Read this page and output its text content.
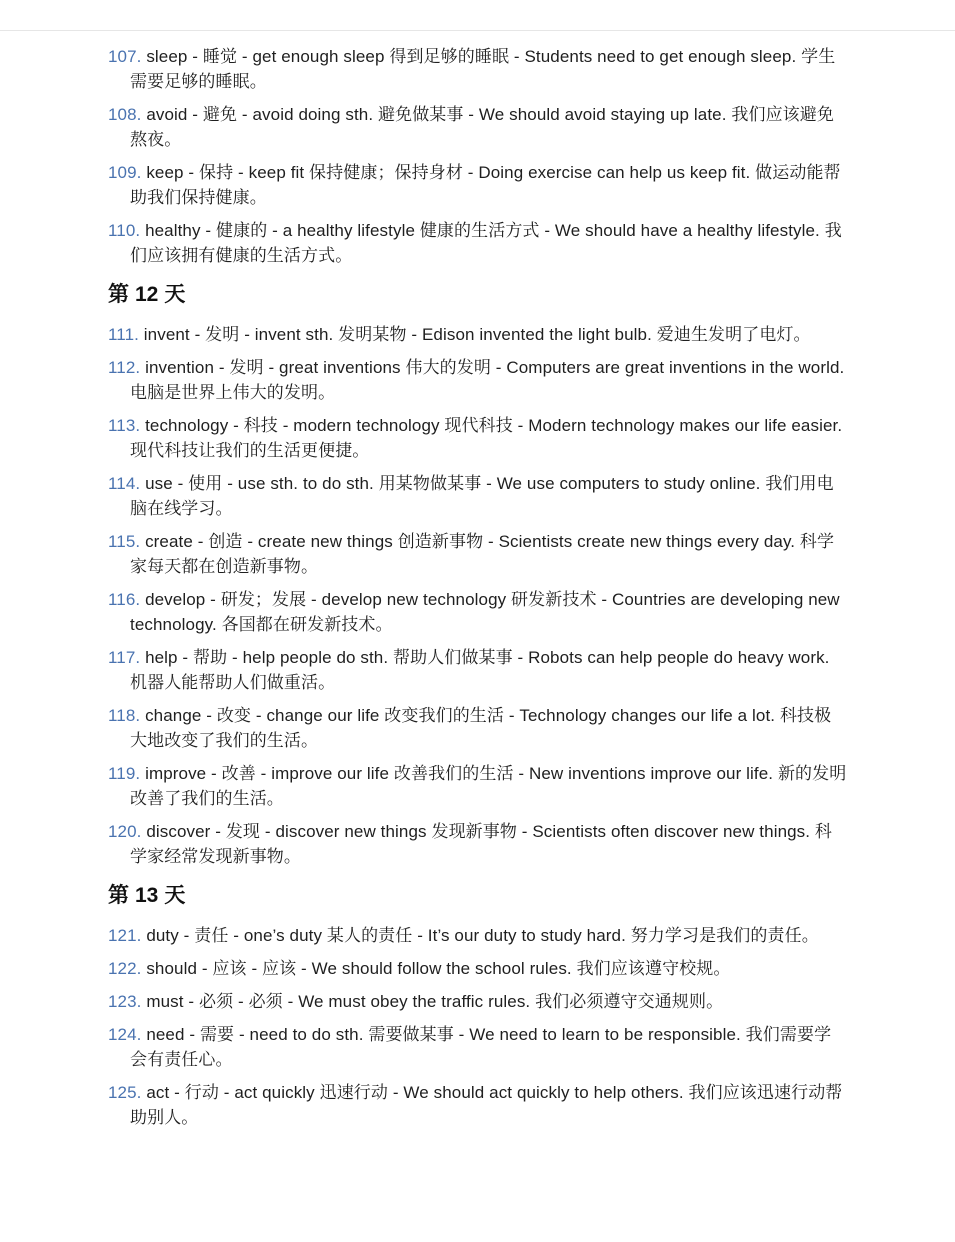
107. sleep - 睡觉 - get enough sleep 得到足够的睡眠 - Students need to get enough sleep. 学生需要足够的睡眠。

108. avoid - 避免 - avoid doing sth. 避免做某事 - We should avoid staying up late. 我们应该避免熬夜。

109. keep - 保持 - keep fit 保持健康；保持身材 - Doing exercise can help us keep fit. 做运动能帮助我们保持健康。

110. healthy - 健康的 - a healthy lifestyle 健康的生活方式 - We should have a healthy lifestyle. 我们应该拥有健康的生活方式。

第 12 天

111. invent - 发明 - invent sth. 发明某物 - Edison invented the light bulb. 爱迪生发明了电灯。

112. invention - 发明 - great inventions 伟大的发明 - Computers are great inventions in the world. 电脑是世界上伟大的发明。

113. technology - 科技 - modern technology 现代科技 - Modern technology makes our life easier. 现代科技让我们的生活更便捷。

114. use - 使用 - use sth. to do sth. 用某物做某事 - We use computers to study online. 我们用电脑在线学习。

115. create - 创造 - create new things 创造新事物 - Scientists create new things every day. 科学家每天都在创造新事物。

116. develop - 研发；发展 - develop new technology 研发新技术 - Countries are developing new technology. 各国都在研发新技术。

117. help - 帮助 - help people do sth. 帮助人们做某事 - Robots can help people do heavy work. 机器人能帮助人们做重活。

118. change - 改变 - change our life 改变我们的生活 - Technology changes our life a lot. 科技极大地改变了我们的生活。

119. improve - 改善 - improve our life 改善我们的生活 - New inventions improve our life. 新的发明改善了我们的生活。

120. discover - 发现 - discover new things 发现新事物 - Scientists often discover new things. 科学家经常发现新事物。

第 13 天

121. duty - 责任 - one’s duty 某人的责任 - It’s our duty to study hard. 努力学习是我们的责任。

122. should - 应该 - 应该 - We should follow the school rules. 我们应该遵守校规。

123. must - 必须 - 必须 - We must obey the traffic rules. 我们必须遵守交通规则。

124. need - 需要 - need to do sth. 需要做某事 - We need to learn to be responsible. 我们需要学会有责任心。

125. act - 行动 - act quickly 迅速行动 - We should act quickly to help others. 我们应该迅速行动帮助别人。
